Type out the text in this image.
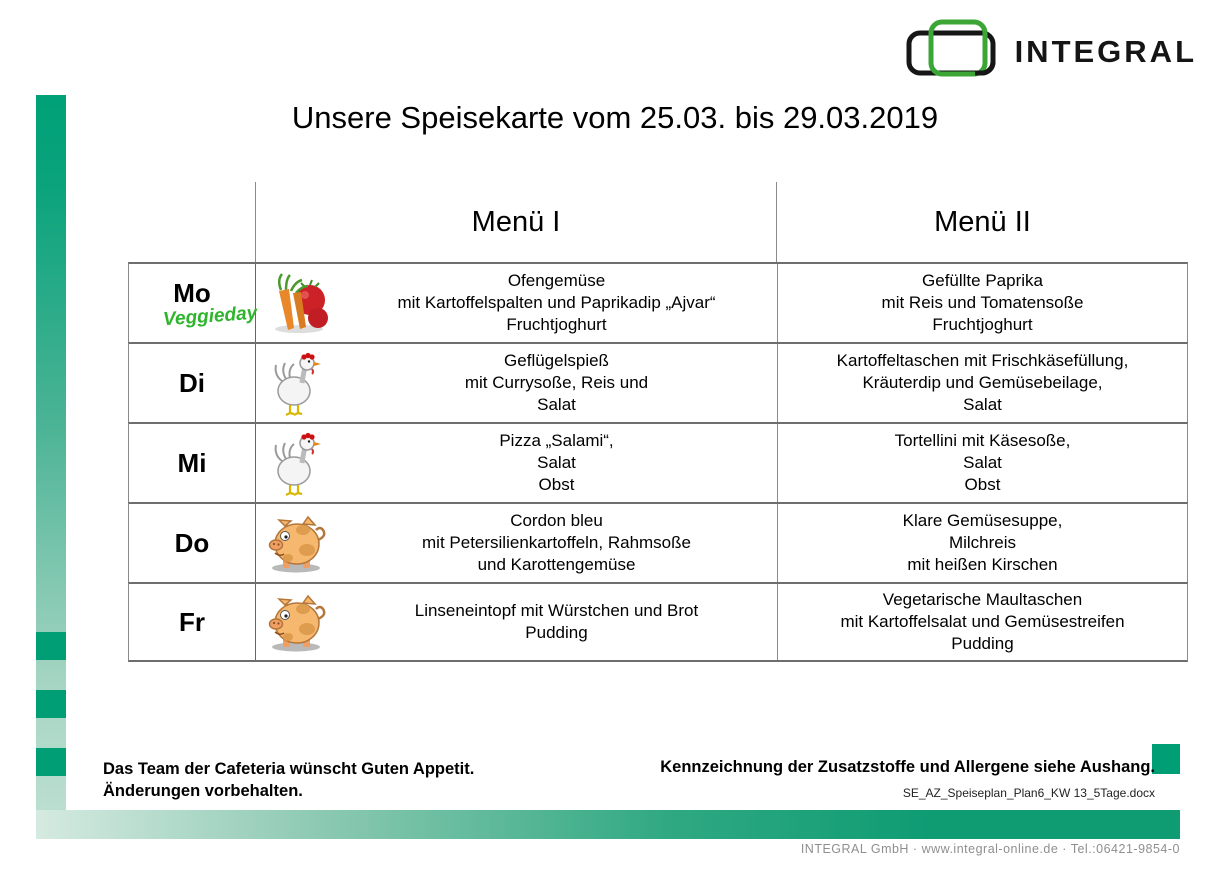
INTEGRAL
Unsere Speisekarte vom 25.03. bis 29.03.2019
Menü I	Menü II
Mo
Veggieday
Ofengemüse
mit Kartoffelspalten und Paprikadip „Ajvar“
Fruchtjoghurt
Gefüllte Paprika
mit Reis und Tomatensoße
Fruchtjoghurt
Di
Geflügelspieß
mit Currysoße, Reis und
Salat
Kartoffeltaschen mit Frischkäsefüllung,
Kräuterdip und Gemüsebeilage,
Salat
Mi
Pizza „Salami“,
Salat
Obst
Tortellini mit Käsesoße,
Salat
Obst
Do
Cordon bleu
mit Petersilienkartoffeln, Rahmsoße
und Karottengemüse
Klare Gemüsesuppe,
Milchreis
mit heißen Kirschen
Fr	Linseneintopf mit Würstchen und Brot
Pudding
Vegetarische Maultaschen
mit Kartoffelsalat und Gemüsestreifen
Pudding
Das Team der Cafeteria wünscht Guten Appetit.
Änderungen vorbehalten.
Kennzeichnung der Zusatzstoffe und Allergene siehe Aushang.
SE_AZ_Speiseplan_Plan6_KW 13_5Tage.docx
INTEGRAL GmbH · www.integral-online.de · Tel.:06421-9854-0
